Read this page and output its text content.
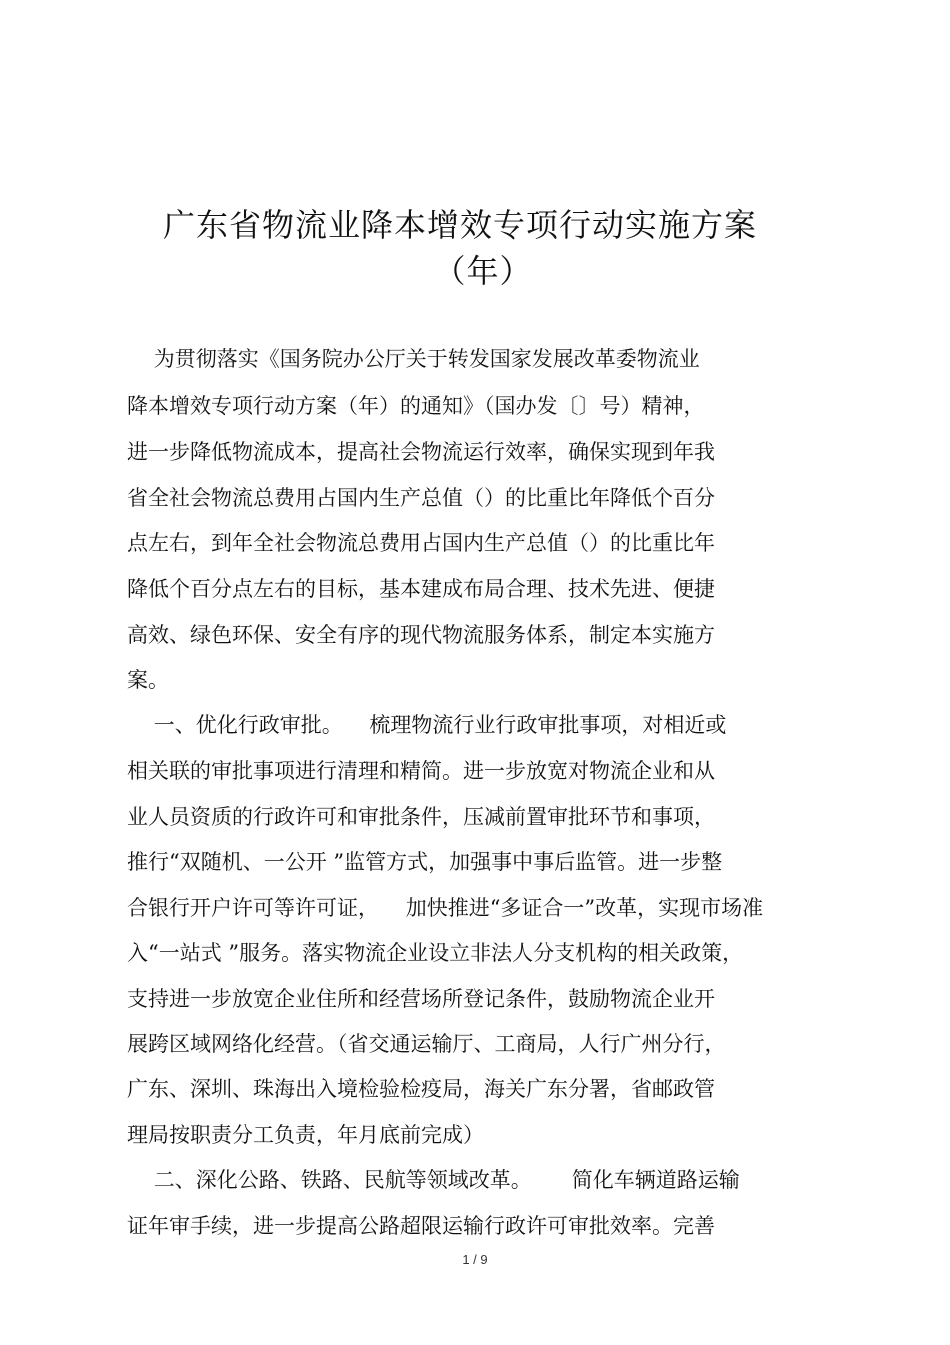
广东省物流业降本增效专项行动实施方案
（年）
为贯彻落实《国务院办公厅关于转发国家发展改革委物流业
降本增效专项行动方案（年）的通知》（国办发〔〕号）精神，
进一步降低物流成本，提高社会物流运行效率，确保实现到年我
省全社会物流总费用占国内生产总值（）的比重比年降低个百分
点左右，到年全社会物流总费用占国内生产总值（）的比重比年
降低个百分点左右的目标，基本建成布局合理、技术先进、便捷
高效、绿色环保、安全有序的现代物流服务体系，制定本实施方
案。
一、优化行政审批。    梳理物流行业行政审批事项，对相近或
相关联的审批事项进行清理和精简。进一步放宽对物流企业和从
业人员资质的行政许可和审批条件，压减前置审批环节和事项，
推行“双随机、一公开 ”监管方式，加强事中事后监管。进一步整
合银行开户许可等许可证，    加快推进“多证合一”改革，实现市场准
入“一站式 ”服务。落实物流企业设立非法人分支机构的相关政策，
支持进一步放宽企业住所和经营场所登记条件，鼓励物流企业开
展跨区域网络化经营。（省交通运输厅、工商局，人行广州分行，
广东、深圳、珠海出入境检验检疫局，海关广东分署，省邮政管
理局按职责分工负责，年月底前完成）
二、深化公路、铁路、民航等领域改革。      简化车辆道路运输
证年审手续，进一步提高公路超限运输行政许可审批效率。完善
1 / 9
